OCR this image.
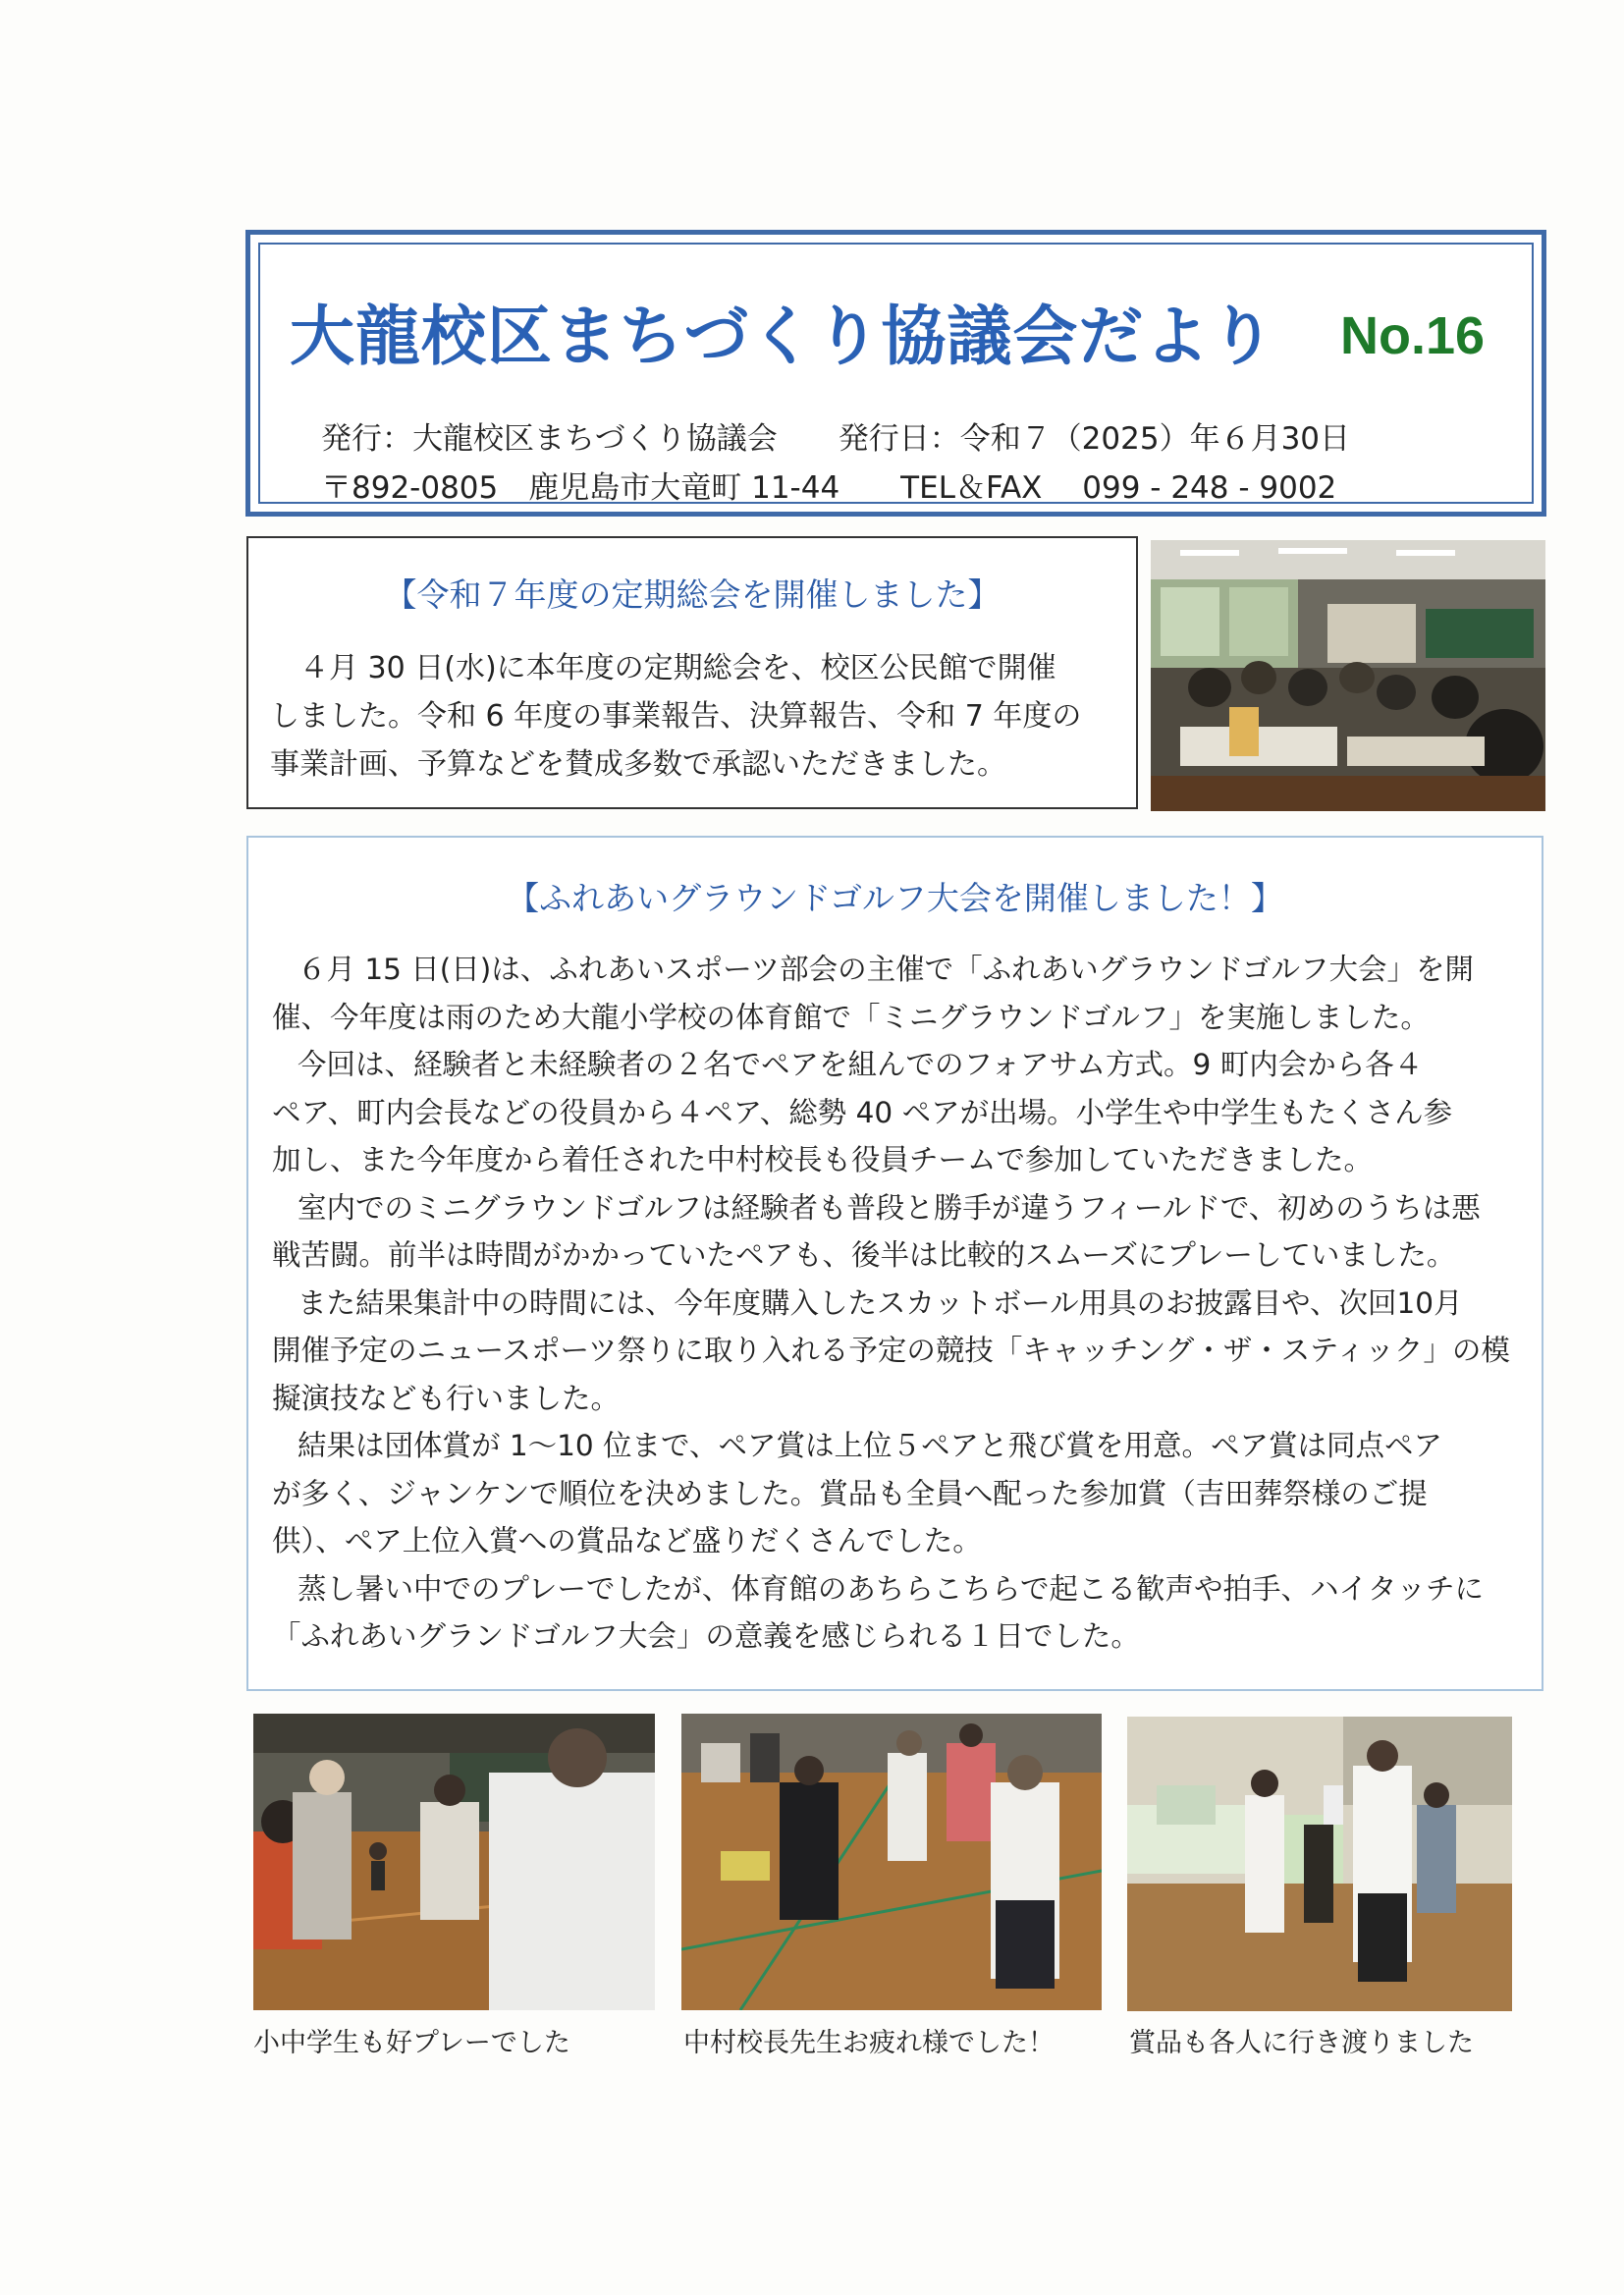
大龍校区まちづくり協議会だより No.16
発行：大龍校区まちづくり協議会　　発行日：令和７（2025）年６月30日
〒892-0805　鹿児島市大竜町 11-44　　TEL＆FAX　 099 - 248 - 9002
【令和７年度の定期総会を開催しました】

４月 30 日(水)に本年度の定期総会を、校区公民館で開催

しました。令和 6 年度の事業報告、決算報告、令和 7 年度の

事業計画、予算などを賛成多数で承認いただきました。

【ふれあいグラウンドゴルフ大会を開催しました！】

６月 15 日(日)は、ふれあいスポーツ部会の主催で「ふれあいグラウンドゴルフ大会」を開

催、今年度は雨のため大龍小学校の体育館で「ミニグラウンドゴルフ」を実施しました。

今回は、経験者と未経験者の２名でペアを組んでのフォアサム方式。9 町内会から各４

ペア、町内会長などの役員から４ペア、総勢 40 ペアが出場。小学生や中学生もたくさん参

加し、また今年度から着任された中村校長も役員チームで参加していただきました。

室内でのミニグラウンドゴルフは経験者も普段と勝手が違うフィールドで、初めのうちは悪

戦苦闘。前半は時間がかかっていたペアも、後半は比較的スムーズにプレーしていました。

また結果集計中の時間には、今年度購入したスカットボール用具のお披露目や、次回10月

開催予定のニュースポーツ祭りに取り入れる予定の競技「キャッチング・ザ・スティック」の模

擬演技なども行いました。

結果は団体賞が 1～10 位まで、ペア賞は上位５ペアと飛び賞を用意。ペア賞は同点ペア

が多く、ジャンケンで順位を決めました。賞品も全員へ配った参加賞（吉田葬祭様のご提

供）、ペア上位入賞への賞品など盛りだくさんでした。

蒸し暑い中でのプレーでしたが、体育館のあちらこちらで起こる歓声や拍手、ハイタッチに

「ふれあいグランドゴルフ大会」の意義を感じられる１日でした。

小中学生も好プレーでした	中村校長先生お疲れ様でした！	賞品も各人に行き渡りました
